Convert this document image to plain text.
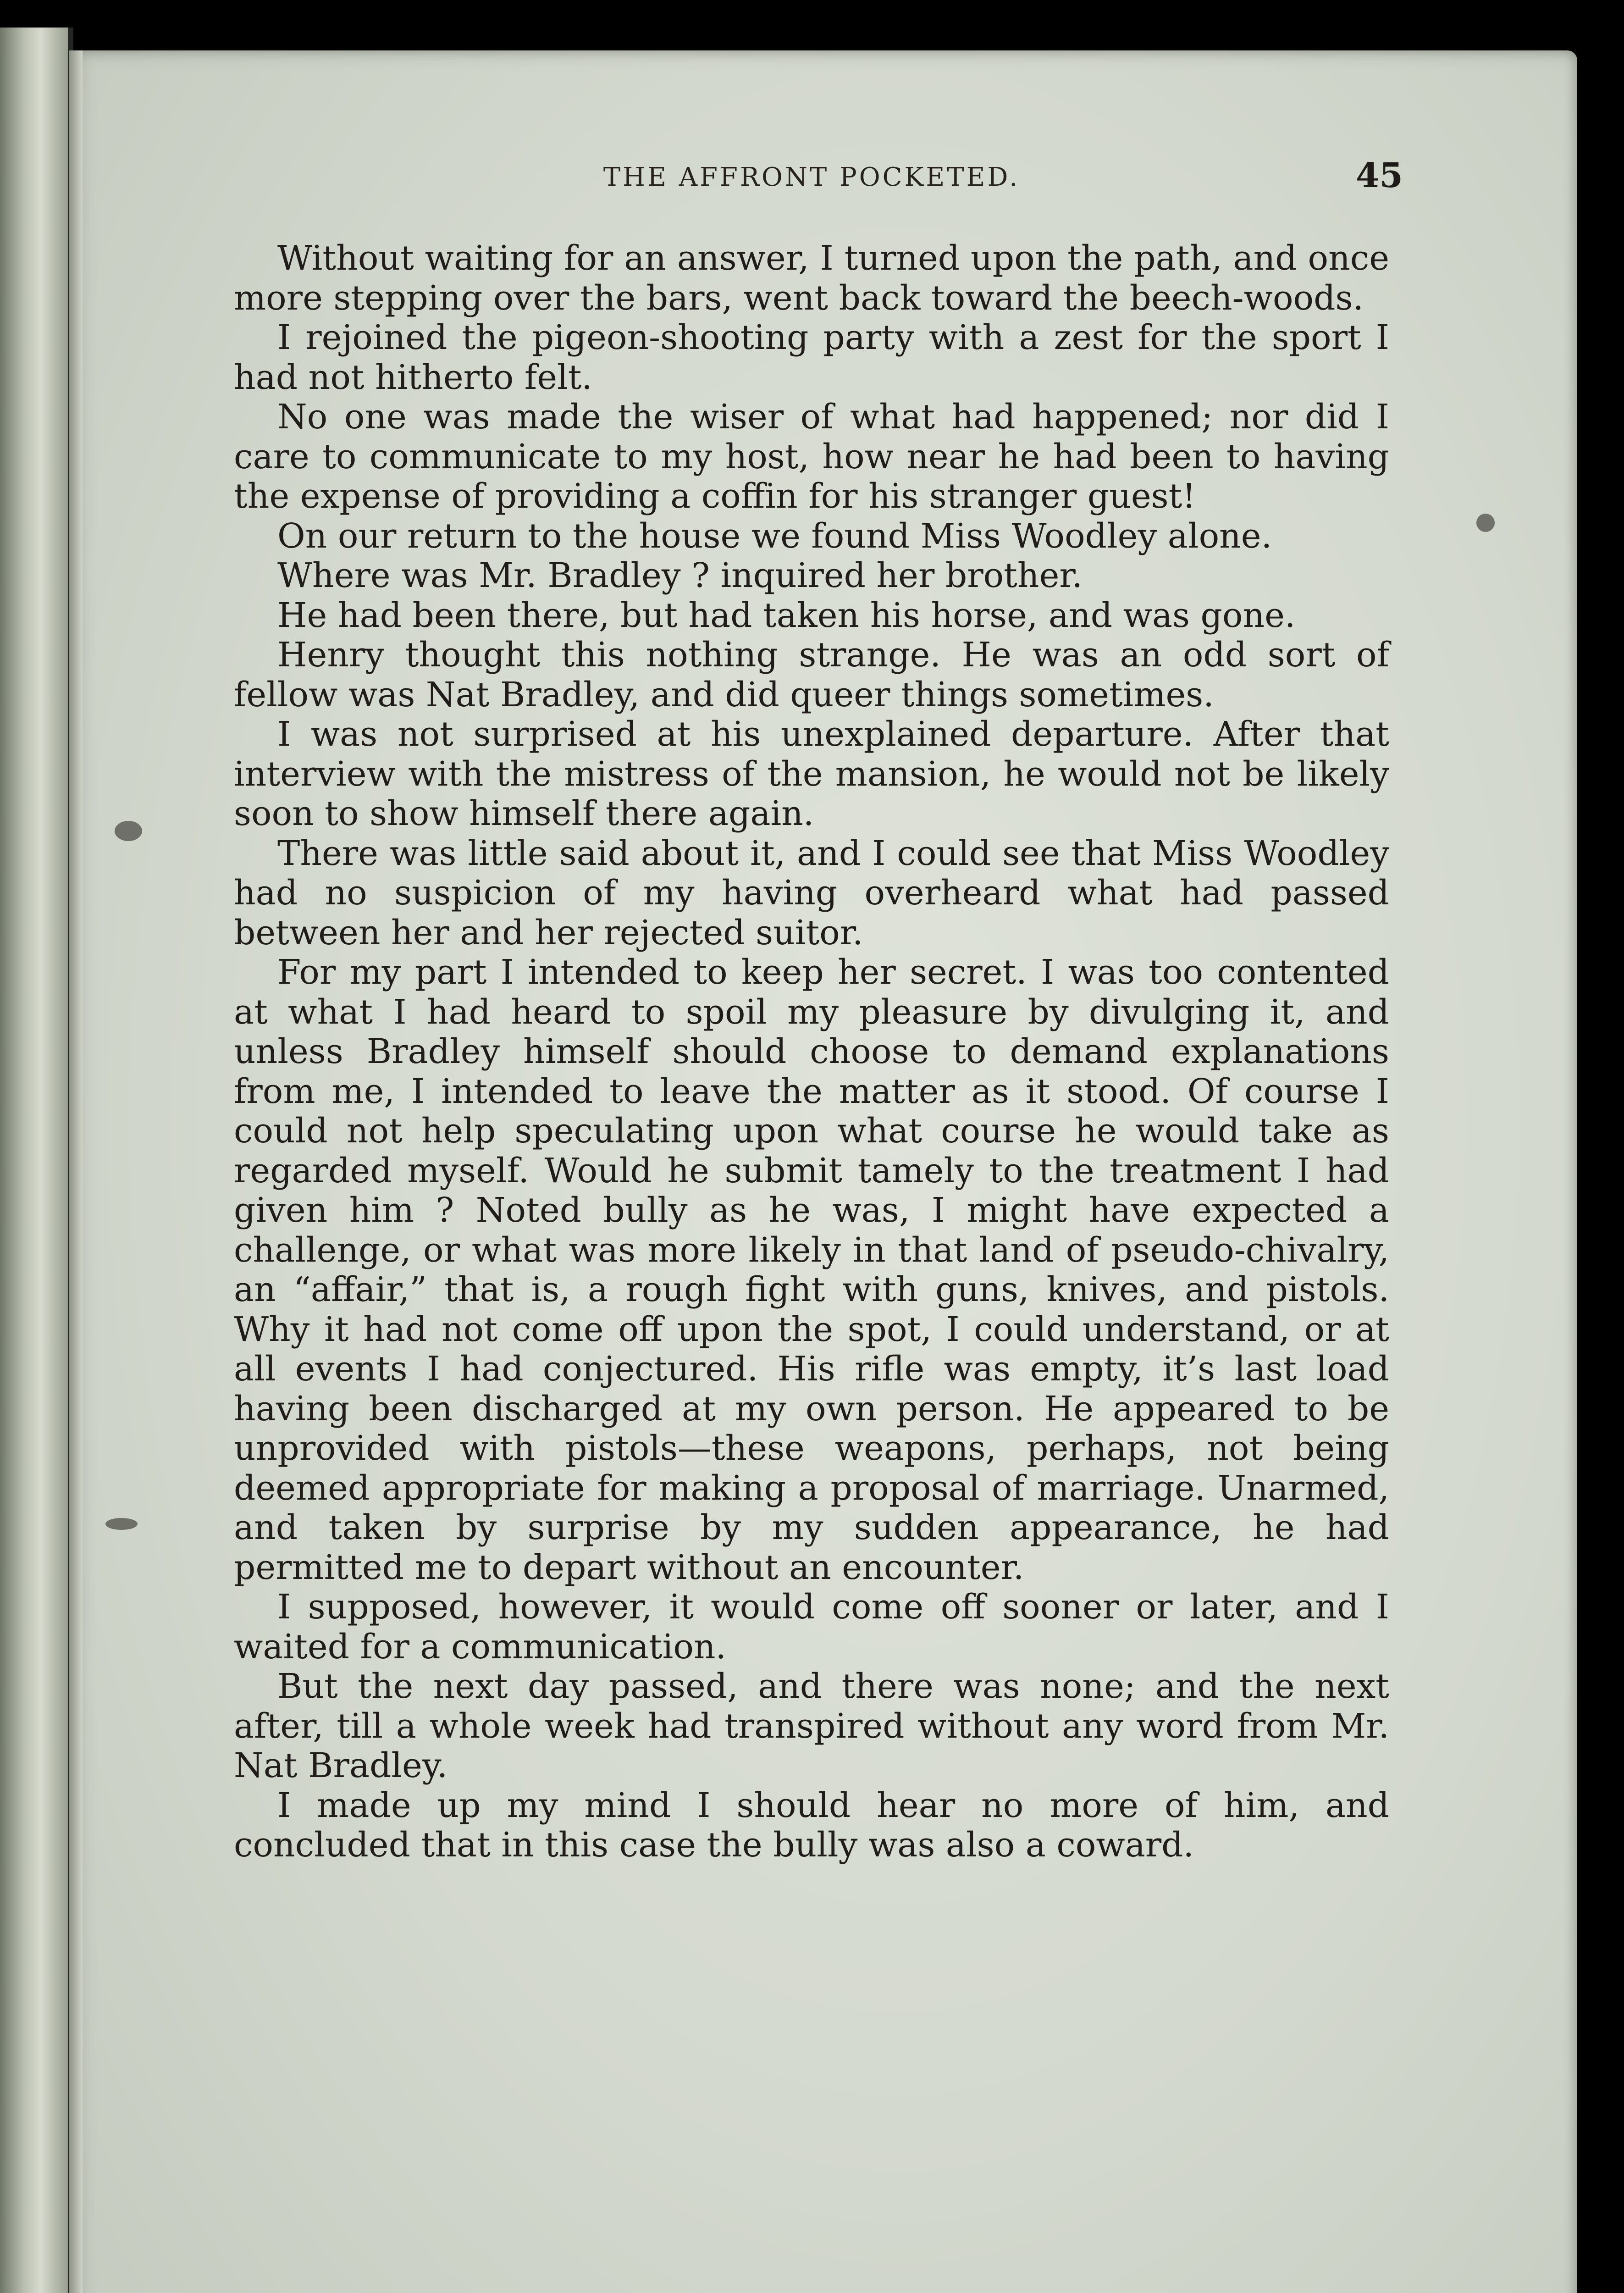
THE AFFRONT POCKETED.	45

Without waiting for an answer, I turned upon the path, and once more stepping over the bars, went back toward the beech-woods.

I rejoined the pigeon-shooting party with a zest for the sport I had not hitherto felt.

No one was made the wiser of what had happened; nor did I care to communicate to my host, how near he had been to having the expense of providing a coffin for his stranger guest!

On our return to the house we found Miss Woodley alone.

Where was Mr. Bradley ? inquired her brother.

He had been there, but had taken his horse, and was gone.

Henry thought this nothing strange. He was an odd sort of fellow was Nat Bradley, and did queer things sometimes.

I was not surprised at his unexplained departure. After that interview with the mistress of the mansion, he would not be likely soon to show himself there again.

There was little said about it, and I could see that Miss Woodley had no suspicion of my having overheard what had passed between her and her rejected suitor.

For my part I intended to keep her secret. I was too contented at what I had heard to spoil my pleasure by divulging it, and unless Bradley himself should choose to demand explanations from me, I intended to leave the matter as it stood. Of course I could not help speculating upon what course he would take as regarded myself. Would he submit tamely to the treatment I had given him ? Noted bully as he was, I might have expected a challenge, or what was more likely in that land of pseudo-chivalry, an “affair,” that is, a rough fight with guns, knives, and pistols. Why it had not come off upon the spot, I could understand, or at all events I had conjectured. His rifle was empty, it’s last load having been discharged at my own person. He appeared to be unprovided with pistols—these weapons, perhaps, not being deemed appropriate for making a proposal of marriage. Unarmed, and taken by surprise by my sudden appearance, he had permitted me to depart without an encounter.

I supposed, however, it would come off sooner or later, and I waited for a communication.

But the next day passed, and there was none; and the next after, till a whole week had transpired without any word from Mr. Nat Bradley.

I made up my mind I should hear no more of him, and concluded that in this case the bully was also a coward.
